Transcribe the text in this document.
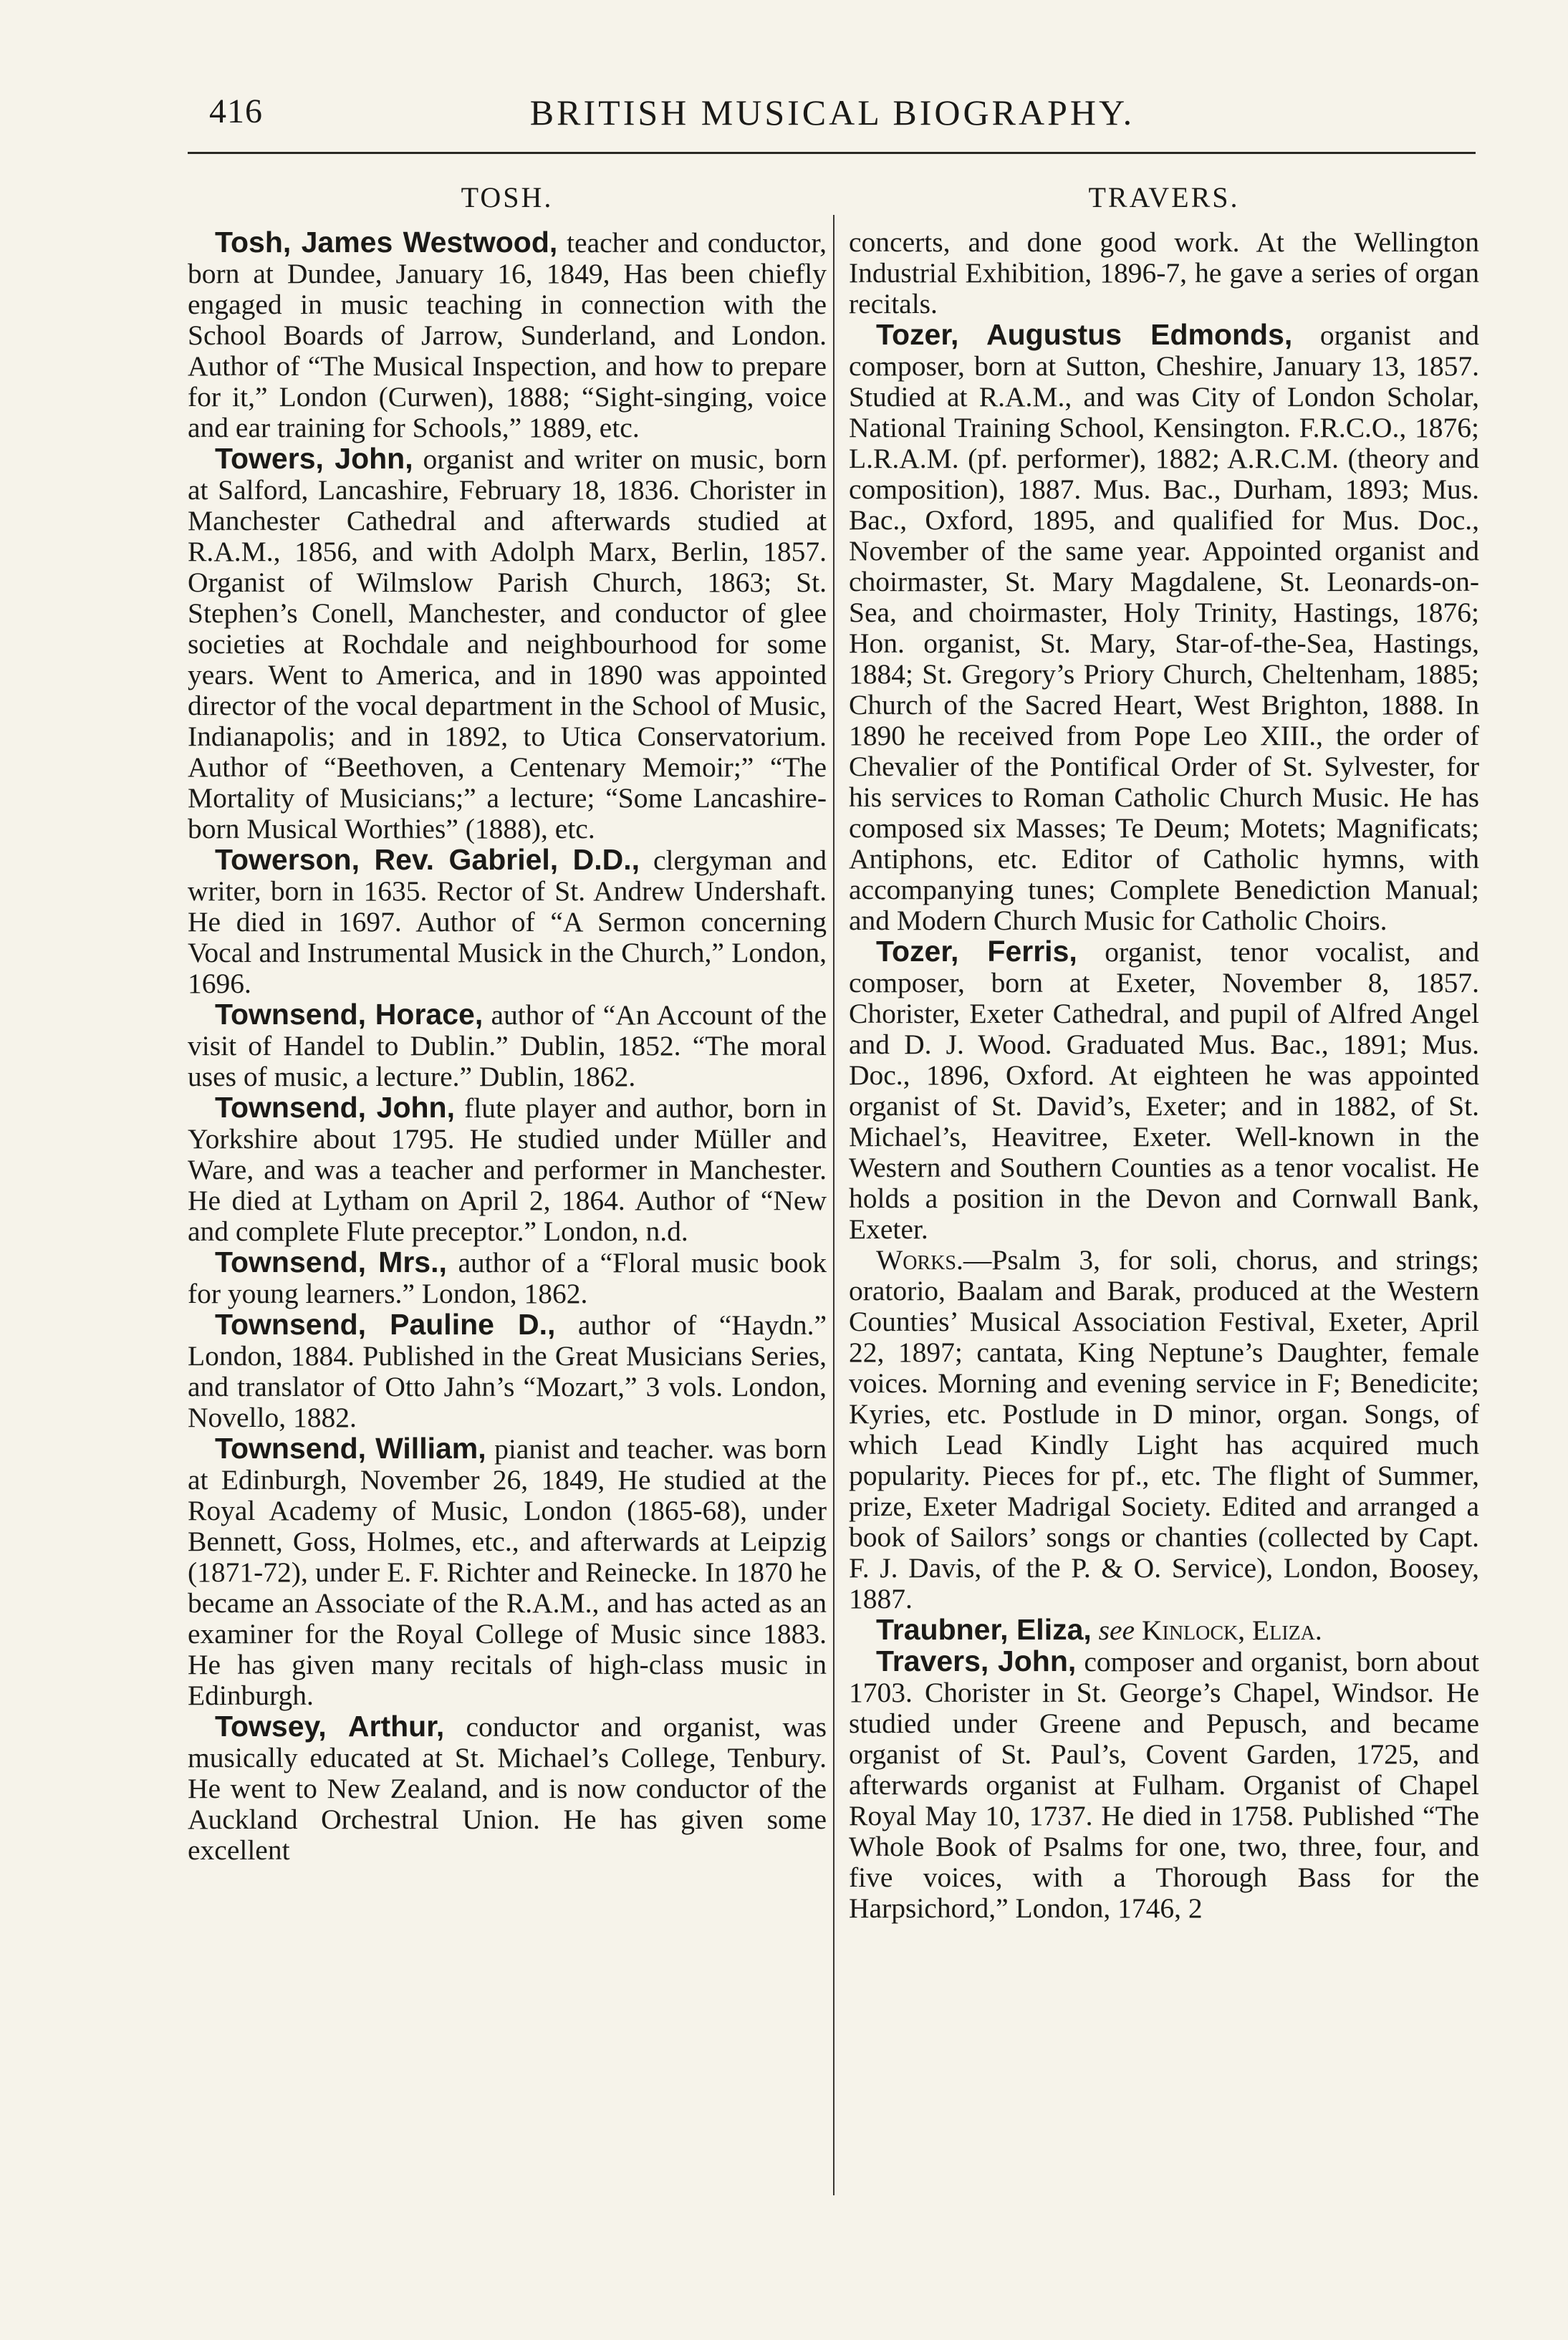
416	BRITISH MUSICAL BIOGRAPHY.
TOSH.

Tosh, James Westwood, teacher and conductor, born at Dundee, January 16, 1849, Has been chiefly engaged in music teaching in connection with the School Boards of Jarrow, Sunderland, and London. Author of “The Musical Inspection, and how to prepare for it,” London (Curwen), 1888; “Sight-singing, voice and ear training for Schools,” 1889, etc.

Towers, John, organist and writer on music, born at Salford, Lancashire, February 18, 1836. Chorister in Manchester Cathedral and afterwards studied at R.A.M., 1856, and with Adolph Marx, Berlin, 1857. Organist of Wilmslow Parish Church, 1863; St. Stephen’s Conell, Manchester, and conductor of glee societies at Rochdale and neighbourhood for some years. Went to America, and in 1890 was appointed director of the vocal department in the School of Music, Indianapolis; and in 1892, to Utica Conservatorium. Author of “Beethoven, a Centenary Memoir;” “The Mortality of Musicians;” a lecture; “Some Lancashire-born Musical Worthies” (1888), etc.

Towerson, Rev. Gabriel, D.D., clergyman and writer, born in 1635. Rector of St. Andrew Undershaft. He died in 1697. Author of “A Sermon concerning Vocal and Instrumental Musick in the Church,” London, 1696.

Townsend, Horace, author of “An Account of the visit of Handel to Dublin.” Dublin, 1852. “The moral uses of music, a lecture.” Dublin, 1862.

Townsend, John, flute player and author, born in Yorkshire about 1795. He studied under Müller and Ware, and was a teacher and performer in Manchester. He died at Lytham on April 2, 1864. Author of “New and complete Flute preceptor.” London, n.d.

Townsend, Mrs., author of a “Floral music book for young learners.” London, 1862.

Townsend, Pauline D., author of “Haydn.” London, 1884. Published in the Great Musicians Series, and translator of Otto Jahn’s “Mozart,” 3 vols. London, Novello, 1882.

Townsend, William, pianist and teacher. was born at Edinburgh, November 26, 1849, He studied at the Royal Academy of Music, London (1865-68), under Bennett, Goss, Holmes, etc., and afterwards at Leipzig (1871-72), under E. F. Richter and Reinecke. In 1870 he became an Associate of the R.A.M., and has acted as an examiner for the Royal College of Music since 1883. He has given many recitals of high-class music in Edinburgh.

Towsey, Arthur, conductor and organist, was musically educated at St. Michael’s College, Tenbury. He went to New Zealand, and is now conductor of the Auckland Orchestral Union. He has given some excellent

TRAVERS.

concerts, and done good work. At the Wellington Industrial Exhibition, 1896-7, he gave a series of organ recitals.

Tozer, Augustus Edmonds, organist and composer, born at Sutton, Cheshire, January 13, 1857. Studied at R.A.M., and was City of London Scholar, National Training School, Kensington. F.R.C.O., 1876; L.R.A.M. (pf. performer), 1882; A.R.C.M. (theory and composition), 1887. Mus. Bac., Durham, 1893; Mus. Bac., Oxford, 1895, and qualified for Mus. Doc., November of the same year. Appointed organist and choirmaster, St. Mary Magdalene, St. Leonards-on-Sea, and choirmaster, Holy Trinity, Hastings, 1876; Hon. organist, St. Mary, Star-of-the-Sea, Hastings, 1884; St. Gregory’s Priory Church, Cheltenham, 1885; Church of the Sacred Heart, West Brighton, 1888. In 1890 he received from Pope Leo XIII., the order of Chevalier of the Pontifical Order of St. Sylvester, for his services to Roman Catholic Church Music. He has composed six Masses; Te Deum; Motets; Magnificats; Antiphons, etc. Editor of Catholic hymns, with accompanying tunes; Complete Benediction Manual; and Modern Church Music for Catholic Choirs.

Tozer, Ferris, organist, tenor vocalist, and composer, born at Exeter, November 8, 1857. Chorister, Exeter Cathedral, and pupil of Alfred Angel and D. J. Wood. Graduated Mus. Bac., 1891; Mus. Doc., 1896, Oxford. At eighteen he was appointed organist of St. David’s, Exeter; and in 1882, of St. Michael’s, Heavitree, Exeter. Well-known in the Western and Southern Counties as a tenor vocalist. He holds a position in the Devon and Cornwall Bank, Exeter.

Works.—Psalm 3, for soli, chorus, and strings; oratorio, Baalam and Barak, produced at the Western Counties’ Musical Association Festival, Exeter, April 22, 1897; cantata, King Neptune’s Daughter, female voices. Morning and evening service in F; Benedicite; Kyries, etc. Postlude in D minor, organ. Songs, of which Lead Kindly Light has acquired much popularity. Pieces for pf., etc. The flight of Summer, prize, Exeter Madrigal Society. Edited and arranged a book of Sailors’ songs or chanties (collected by Capt. F. J. Davis, of the P. & O. Service), London, Boosey, 1887.

Traubner, Eliza, see Kinlock, Eliza.

Travers, John, composer and organist, born about 1703. Chorister in St. George’s Chapel, Windsor. He studied under Greene and Pepusch, and became organist of St. Paul’s, Covent Garden, 1725, and afterwards organist at Fulham. Organist of Chapel Royal May 10, 1737. He died in 1758. Published “The Whole Book of Psalms for one, two, three, four, and five voices, with a Thorough Bass for the Harpsichord,” London, 1746, 2
